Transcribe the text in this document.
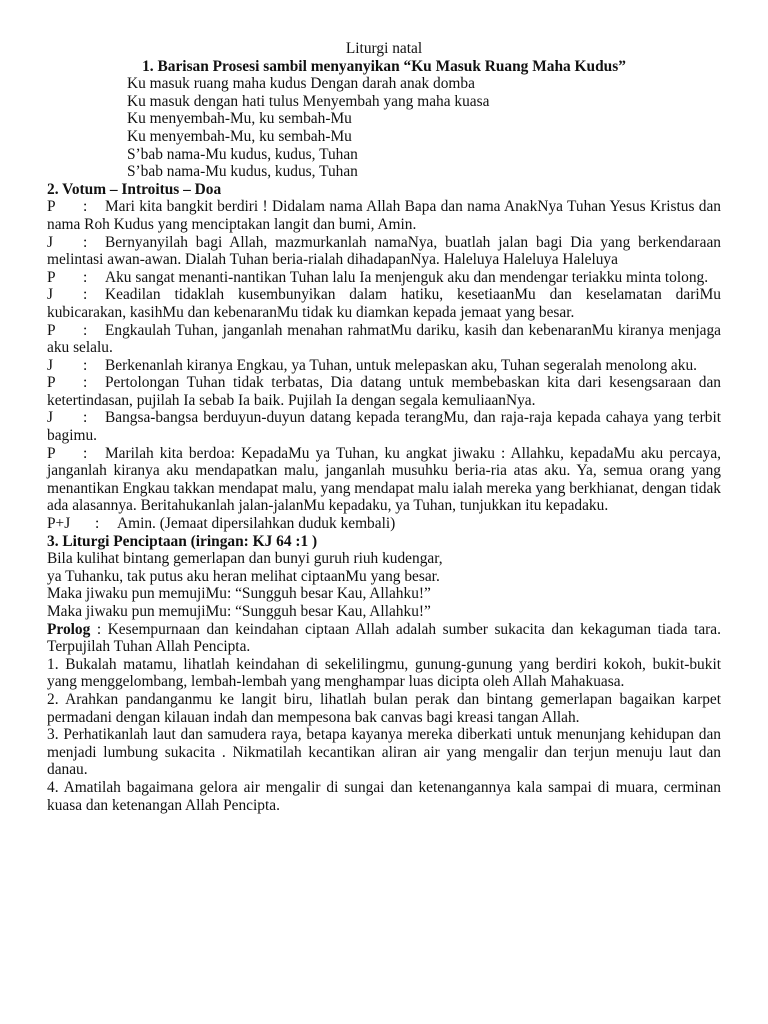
Liturgi natal
1. Barisan Prosesi sambil menyanyikan “Ku Masuk Ruang Maha Kudus”
Ku masuk ruang maha kudus Dengan darah anak domba
Ku masuk dengan hati tulus Menyembah yang maha kuasa
Ku menyembah-Mu, ku sembah-Mu
Ku menyembah-Mu, ku sembah-Mu
S’bab nama-Mu kudus, kudus, Tuhan
S’bab nama-Mu kudus, kudus, Tuhan
2. Votum – Introitus – Doa
P : Mari kita bangkit berdiri ! Didalam nama Allah Bapa dan nama AnakNya Tuhan Yesus Kristus dan nama Roh Kudus yang menciptakan langit dan bumi, Amin.
J : Bernyanyilah bagi Allah, mazmurkanlah namaNya, buatlah jalan bagi Dia yang berkendaraan melintasi awan-awan. Dialah Tuhan beria-rialah dihadapanNya. Haleluya Haleluya Haleluya
P : Aku sangat menanti-nantikan Tuhan lalu Ia menjenguk aku dan mendengar teriakku minta tolong.
J : Keadilan tidaklah kusembunyikan dalam hatiku, kesetiaanMu dan keselamatan dariMu kubicarakan, kasihMu dan kebenaranMu tidak ku diamkan kepada jemaat yang besar.
P : Engkaulah Tuhan, janganlah menahan rahmatMu dariku, kasih dan kebenaranMu kiranya menjaga aku selalu.
J : Berkenanlah kiranya Engkau, ya Tuhan, untuk melepaskan aku, Tuhan segeralah menolong aku.
P : Pertolongan Tuhan tidak terbatas, Dia datang untuk membebaskan kita dari kesengsaraan dan ketertindasan, pujilah Ia sebab Ia baik. Pujilah Ia dengan segala kemuliaanNya.
J : Bangsa-bangsa berduyun-duyun datang kepada terangMu, dan raja-raja kepada cahaya yang terbit bagimu.
P : Marilah kita berdoa: KepadaMu ya Tuhan, ku angkat jiwaku : Allahku, kepadaMu aku percaya, janganlah kiranya aku mendapatkan malu, janganlah musuhku beria-ria atas aku. Ya, semua orang yang menantikan Engkau takkan mendapat malu, yang mendapat malu ialah mereka yang berkhianat, dengan tidak ada alasannya. Beritahukanlah jalan-jalanMu kepadaku, ya Tuhan, tunjukkan itu kepadaku.
P+J : Amin. (Jemaat dipersilahkan duduk kembali)
3. Liturgi Penciptaan (iringan: KJ 64 :1 )
Bila kulihat bintang gemerlapan dan bunyi guruh riuh kudengar,
ya Tuhanku, tak putus aku heran melihat ciptaanMu yang besar.
Maka jiwaku pun memujiMu: “Sungguh besar Kau, Allahku!”
Maka jiwaku pun memujiMu: “Sungguh besar Kau, Allahku!”
Prolog : Kesempurnaan dan keindahan ciptaan Allah adalah sumber sukacita dan kekaguman tiada tara. Terpujilah Tuhan Allah Pencipta.
1. Bukalah matamu, lihatlah keindahan di sekelilingmu, gunung-gunung yang berdiri kokoh, bukit-bukit yang menggelombang, lembah-lembah yang menghampar luas dicipta oleh Allah Mahakuasa.
2. Arahkan pandanganmu ke langit biru, lihatlah bulan perak dan bintang gemerlapan bagaikan karpet permadani dengan kilauan indah dan mempesona bak canvas bagi kreasi tangan Allah.
3. Perhatikanlah laut dan samudera raya, betapa kayanya mereka diberkati untuk menunjang kehidupan dan menjadi lumbung sukacita . Nikmatilah kecantikan aliran air yang mengalir dan terjun menuju laut dan danau.
4. Amatilah bagaimana gelora air mengalir di sungai dan ketenangannya kala sampai di muara, cerminan kuasa dan ketenangan Allah Pencipta.
